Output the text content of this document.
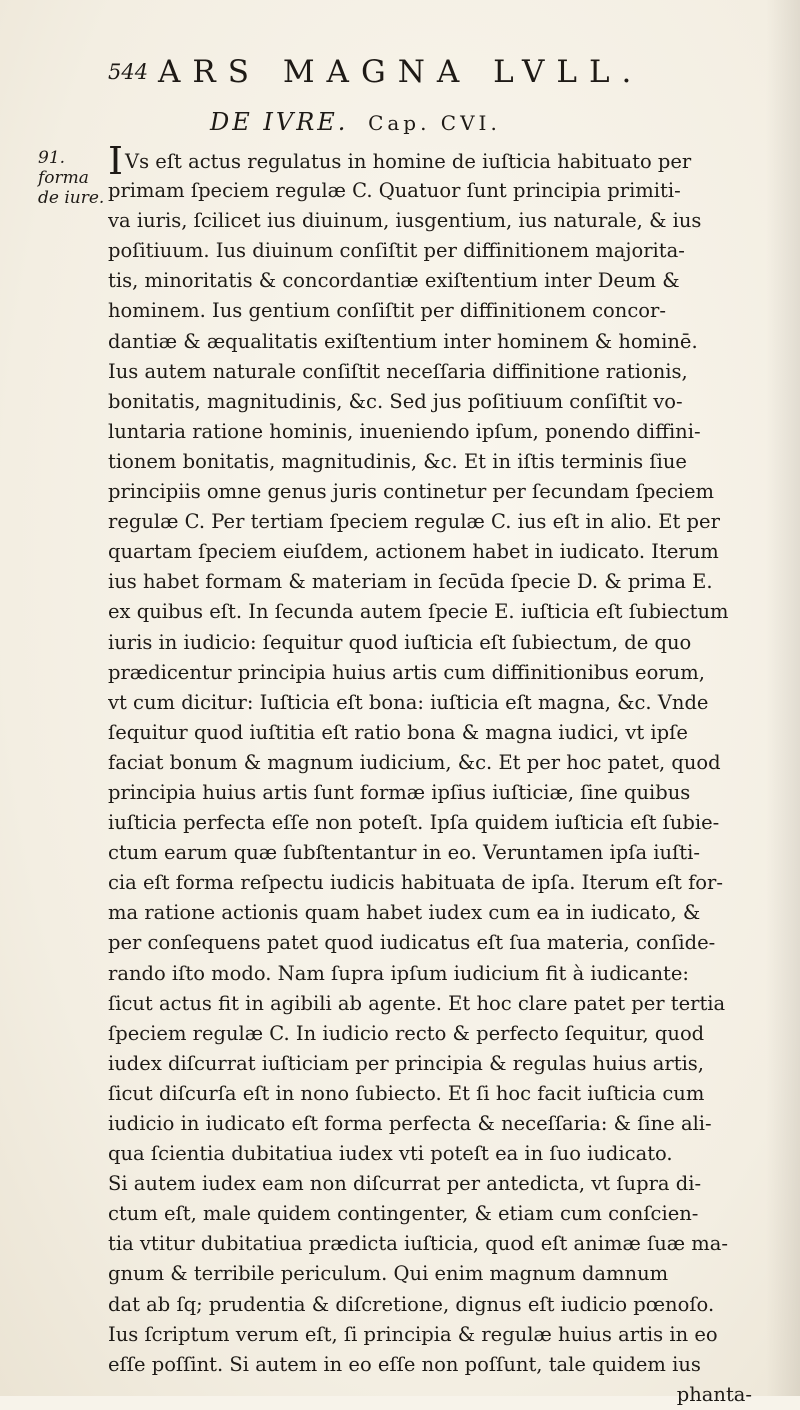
544 ARS MAGNA LVLL.
DE IVRE. Cap. CVI.
91. forma de iure.
I Vs eſt actus regulatus in homine de iuſticia habituato per
primam ſpeciem regulæ C. Quatuor ſunt principia primiti-
va iuris, ſcilicet ius diuinum, iusgentium, ius naturale, & ius
poſitiuum. Ius diuinum conſiſtit per diffinitionem majorita-
tis, minoritatis & concordantiæ exiſtentium inter Deum &
hominem. Ius gentium conſiſtit per diffinitionem concor-
dantiæ & æqualitatis exiſtentium inter hominem & hominē.
Ius autem naturale conſiſtit neceſſaria diffinitione rationis,
bonitatis, magnitudinis, &c. Sed jus poſitiuum conſiſtit vo-
luntaria ratione hominis, inueniendo ipſum, ponendo diffini-
tionem bonitatis, magnitudinis, &c. Et in iſtis terminis ſiue
principiis omne genus juris continetur per ſecundam ſpeciem
regulæ C. Per tertiam ſpeciem regulæ C. ius eſt in alio. Et per
quartam ſpeciem eiuſdem, actionem habet in iudicato. Iterum
ius habet formam & materiam in ſecūda ſpecie D. & prima E.
ex quibus eſt. In ſecunda autem ſpecie E. iuſticia eſt ſubiectum
iuris in iudicio: ſequitur quod iuſticia eſt ſubiectum, de quo
prædicentur principia huius artis cum diffinitionibus eorum,
vt cum dicitur: Iuſticia eſt bona: iuſticia eſt magna, &c. Vnde
ſequitur quod iuſtitia eſt ratio bona & magna iudici, vt ipſe
faciat bonum & magnum iudicium, &c. Et per hoc patet, quod
principia huius artis ſunt formæ ipſius iuſticiæ, ſine quibus
iuſticia perfecta eſſe non poteſt. Ipſa quidem iuſticia eſt ſubie-
ctum earum quæ ſubſtentantur in eo. Veruntamen ipſa iuſti-
cia eſt forma reſpectu iudicis habituata de ipſa. Iterum eſt for-
ma ratione actionis quam habet iudex cum ea in iudicato, &
per conſequens patet quod iudicatus eſt ſua materia, conſide-
rando iſto modo. Nam ſupra ipſum iudicium fit à iudicante:
ſicut actus fit in agibili ab agente. Et hoc clare patet per tertia
ſpeciem regulæ C. In iudicio recto & perfecto ſequitur, quod
iudex diſcurrat iuſticiam per principia & regulas huius artis,
ſicut diſcurſa eſt in nono ſubiecto. Et ſi hoc facit iuſticia cum
iudicio in iudicato eſt forma perfecta & neceſſaria: & ſine ali-
qua ſcientia dubitatiua iudex vti poteſt ea in ſuo iudicato.
Si autem iudex eam non diſcurrat per antedicta, vt ſupra di-
ctum eſt, male quidem contingenter, & etiam cum conſcien-
tia vtitur dubitatiua prædicta iuſticia, quod eſt animæ ſuæ ma-
gnum & terribile periculum. Qui enim magnum damnum
dat ab ſq; prudentia & diſcretione, dignus eſt iudicio pœnoſo.
Ius ſcriptum verum eſt, ſi principia & regulæ huius artis in eo
eſſe poſſint. Si autem in eo eſſe non poſſunt, tale quidem ius
phanta-
